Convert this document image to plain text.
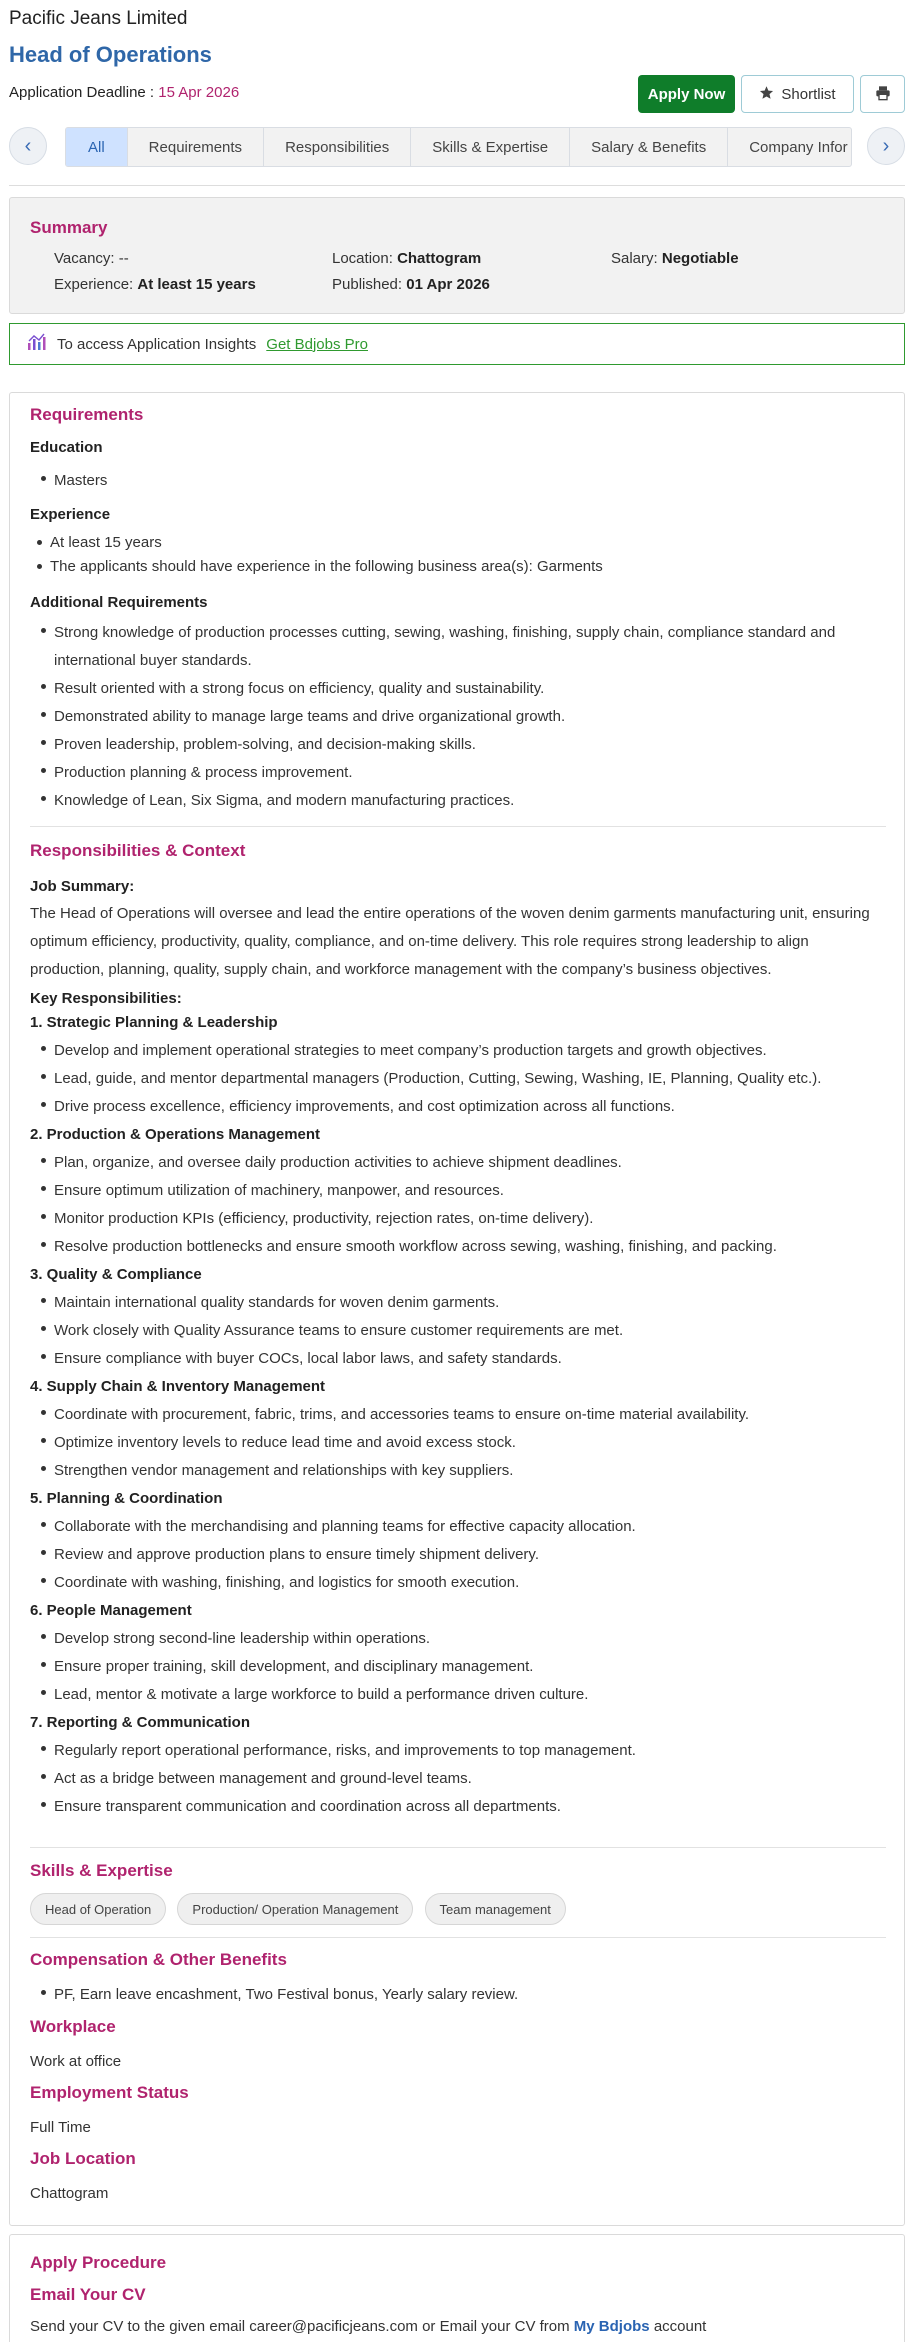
Pacific Jeans Limited
Head of Operations
Application Deadline : 15 Apr 2026	Apply Now	Shortlist
‹	All	Requirements	Responsibilities	Skills & Expertise	Salary & Benefits	Company Infor	›
Summary
Vacancy: --	Location: Chattogram	Salary: Negotiable
Experience: At least 15 years	Published: 01 Apr 2026
To access Application Insights Get Bdjobs Pro
Requirements
Education
Masters
Experience
At least 15 years
The applicants should have experience in the following business area(s): Garments
Additional Requirements
Strong knowledge of production processes cutting, sewing, washing, finishing, supply chain, compliance standard and
international buyer standards.
Result oriented with a strong focus on efficiency, quality and sustainability.
Demonstrated ability to manage large teams and drive organizational growth.
Proven leadership, problem-solving, and decision-making skills.
Production planning & process improvement.
Knowledge of Lean, Six Sigma, and modern manufacturing practices.
Responsibilities & Context
Job Summary:
The Head of Operations will oversee and lead the entire operations of the woven denim garments manufacturing unit, ensuring
optimum efficiency, productivity, quality, compliance, and on-time delivery. This role requires strong leadership to align
production, planning, quality, supply chain, and workforce management with the company’s business objectives.
Key Responsibilities:
1. Strategic Planning & Leadership
Develop and implement operational strategies to meet company’s production targets and growth objectives.
Lead, guide, and mentor departmental managers (Production, Cutting, Sewing, Washing, IE, Planning, Quality etc.).
Drive process excellence, efficiency improvements, and cost optimization across all functions.
2. Production & Operations Management
Plan, organize, and oversee daily production activities to achieve shipment deadlines.
Ensure optimum utilization of machinery, manpower, and resources.
Monitor production KPIs (efficiency, productivity, rejection rates, on-time delivery).
Resolve production bottlenecks and ensure smooth workflow across sewing, washing, finishing, and packing.
3. Quality & Compliance
Maintain international quality standards for woven denim garments.
Work closely with Quality Assurance teams to ensure customer requirements are met.
Ensure compliance with buyer COCs, local labor laws, and safety standards.
4. Supply Chain & Inventory Management
Coordinate with procurement, fabric, trims, and accessories teams to ensure on-time material availability.
Optimize inventory levels to reduce lead time and avoid excess stock.
Strengthen vendor management and relationships with key suppliers.
5. Planning & Coordination
Collaborate with the merchandising and planning teams for effective capacity allocation.
Review and approve production plans to ensure timely shipment delivery.
Coordinate with washing, finishing, and logistics for smooth execution.
6. People Management
Develop strong second-line leadership within operations.
Ensure proper training, skill development, and disciplinary management.
Lead, mentor & motivate a large workforce to build a performance driven culture.
7. Reporting & Communication
Regularly report operational performance, risks, and improvements to top management.
Act as a bridge between management and ground-level teams.
Ensure transparent communication and coordination across all departments.
Skills & Expertise
Head of Operation	Production/ Operation Management	Team management
Compensation & Other Benefits
PF, Earn leave encashment, Two Festival bonus, Yearly salary review.
Workplace
Work at office
Employment Status
Full Time
Job Location
Chattogram
Apply Procedure
Email Your CV
Send your CV to the given email career@pacificjeans.com or Email your CV from My Bdjobs account
